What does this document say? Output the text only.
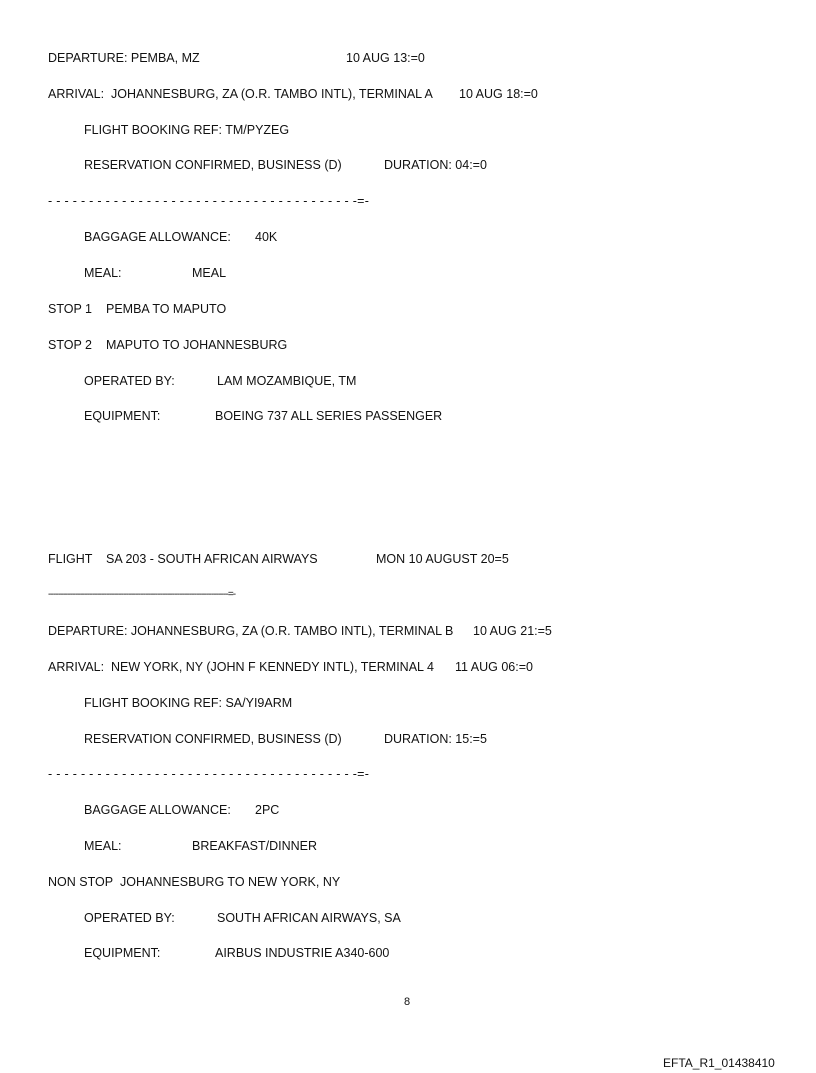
DEPARTURE: PEMBA, MZ	10 AUG 13:=0
ARRIVAL:  JOHANNESBURG, ZA (O.R. TAMBO INTL), TERMINAL A 10 AUG 18:=0
FLIGHT BOOKING REF: TM/PYZEG
RESERVATION CONFIRMED, BUSINESS (D)	DURATION: 04:=0
- - - - - - - - - - - - - - - - - - - - - - - - - - - - - - - - - - - - - -=-
BAGGAGE ALLOWANCE: 40K
MEAL:	MEAL
STOP 1 PEMBA TO MAPUTO
STOP 2 MAPUTO TO JOHANNESBURG
OPERATED BY:	LAM MOZAMBIQUE, TM
EQUIPMENT:	BOEING 737 ALL SERIES PASSENGER
FLIGHT SA 203 - SOUTH AFRICAN AIRWAYS	MON 10 AUGUST 20=5
--------------------------------------------------------------------------=-
DEPARTURE: JOHANNESBURG, ZA (O.R. TAMBO INTL), TERMINAL B 10 AUG 21:=5
ARRIVAL:  NEW YORK, NY (JOHN F KENNEDY INTL), TERMINAL 4 11 AUG 06:=0
FLIGHT BOOKING REF: SA/YI9ARM
RESERVATION CONFIRMED, BUSINESS (D)	DURATION: 15:=5
- - - - - - - - - - - - - - - - - - - - - - - - - - - - - - - - - - - - - -=-
BAGGAGE ALLOWANCE: 2PC
MEAL:	BREAKFAST/DINNER
NON STOP JOHANNESBURG TO NEW YORK, NY
OPERATED BY:	SOUTH AFRICAN AIRWAYS, SA
EQUIPMENT:	AIRBUS INDUSTRIE A340-600
8
EFTA_R1_01438410
